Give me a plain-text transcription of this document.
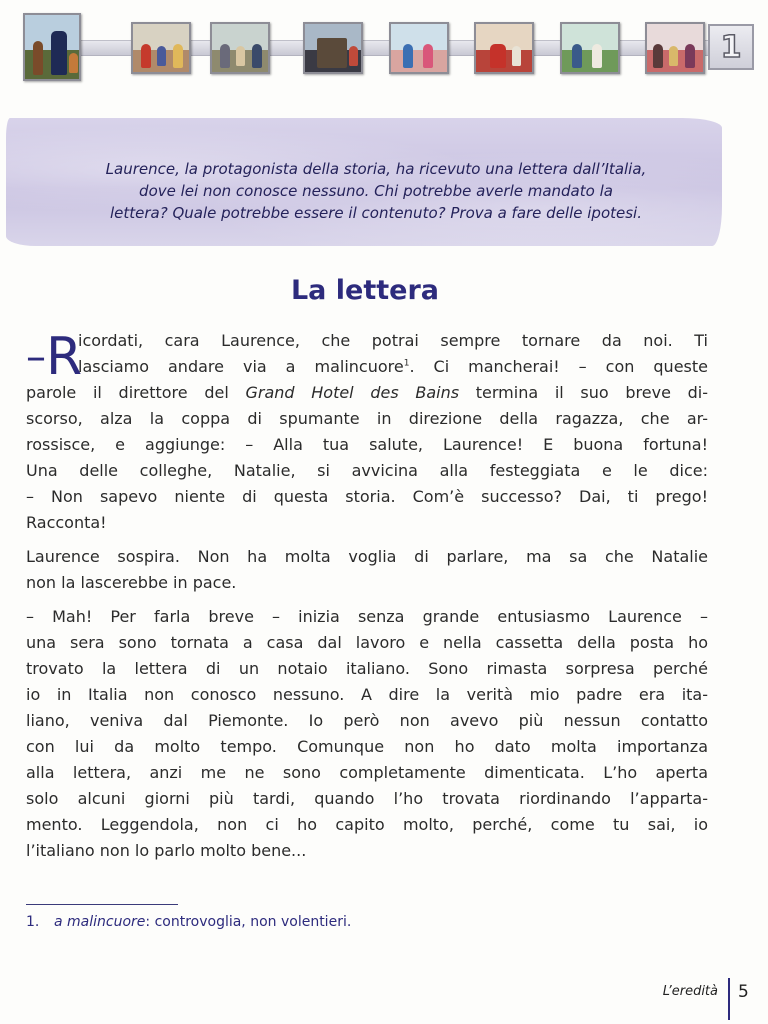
1
Laurence, la protagonista della storia, ha ricevuto una lettera dall’Italia,
dove lei non conosce nessuno. Chi potrebbe averle mandato la
lettera? Quale potrebbe essere il contenuto? Prova a fare delle ipotesi.
La lettera
–R
icordati, cara Laurence, che potrai sempre tornare da noi. Ti
lasciamo andare via a malincuore$^1$. Ci mancherai! – con queste
parole il direttore del Grand Hotel des Bains termina il suo breve di-
scorso, alza la coppa di spumante in direzione della ragazza, che ar-
rossisce, e aggiunge: – Alla tua salute, Laurence! E buona fortuna!
Una delle colleghe, Natalie, si avvicina alla festeggiata e le dice:
– Non sapevo niente di questa storia. Com’è successo? Dai, ti prego!
Racconta!
Laurence sospira. Non ha molta voglia di parlare, ma sa che Natalie
non la lascerebbe in pace.
– Mah! Per farla breve – inizia senza grande entusiasmo Laurence –
una sera sono tornata a casa dal lavoro e nella cassetta della posta ho
trovato la lettera di un notaio italiano. Sono rimasta sorpresa perché
io in Italia non conosco nessuno. A dire la verità mio padre era ita-
liano, veniva dal Piemonte. Io però non avevo più nessun contatto
con lui da molto tempo. Comunque non ho dato molta importanza
alla lettera, anzi me ne sono completamente dimenticata. L’ho aperta
solo alcuni giorni più tardi, quando l’ho trovata riordinando l’apparta-
mento. Leggendola, non ci ho capito molto, perché, come tu sai, io
l’italiano non lo parlo molto bene...
1. a malincuore: controvoglia, non volentieri.
L’eredità 5
